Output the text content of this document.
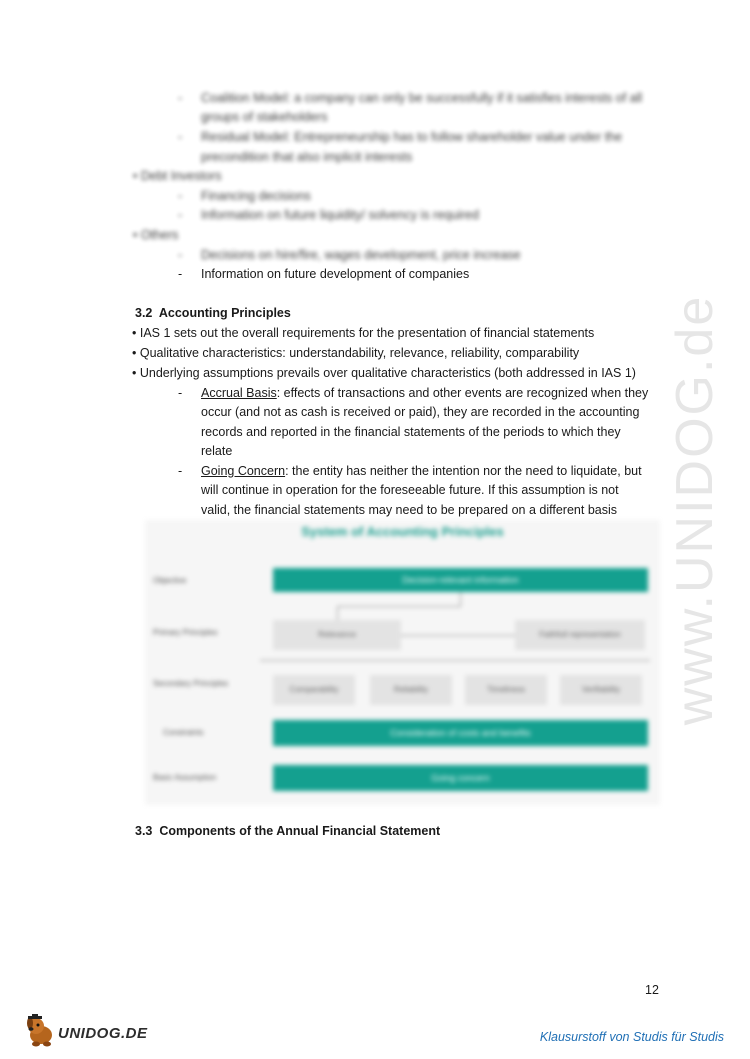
www.UNIDOG.de
- Coalition Model: a company can only be successfully if it satisfies interests of all
groups of stakeholders
- Residual Model: Entrepreneurship has to follow shareholder value under the
precondition that also implicit interests
• Debt Investors
- Financing decisions
- Information on future liquidity/ solvency is required
• Others
- Decisions on hire/fire, wages development, price increase
- Information on future development of companies
3.2 Accounting Principles
• IAS 1 sets out the overall requirements for the presentation of financial statements
• Qualitative characteristics: understandability, relevance, reliability, comparability
• Underlying assumptions prevails over qualitative characteristics (both addressed in IAS 1)
- Accrual Basis: effects of transactions and other events are recognized when they
occur (and not as cash is received or paid), they are recorded in the accounting
records and reported in the financial statements of the periods to which they
relate
- Going Concern: the entity has neither the intention nor the need to liquidate, but
will continue in operation for the foreseeable future. If this assumption is not
valid, the financial statements may need to be prepared on a different basis
System of Accounting Principles
Objective
Primary Principles
Secondary Principles
Constraints
Basic Assumption
Decision-relevant information
Relevance	Faithfull representation
Comparability	Reliability	Timeliness	Verifiability
Consideration of costs and benefits
Going concern
3.3 Components of the Annual Financial Statement
12
UNIDOG.DE	Klausurstoff von Studis für Studis
